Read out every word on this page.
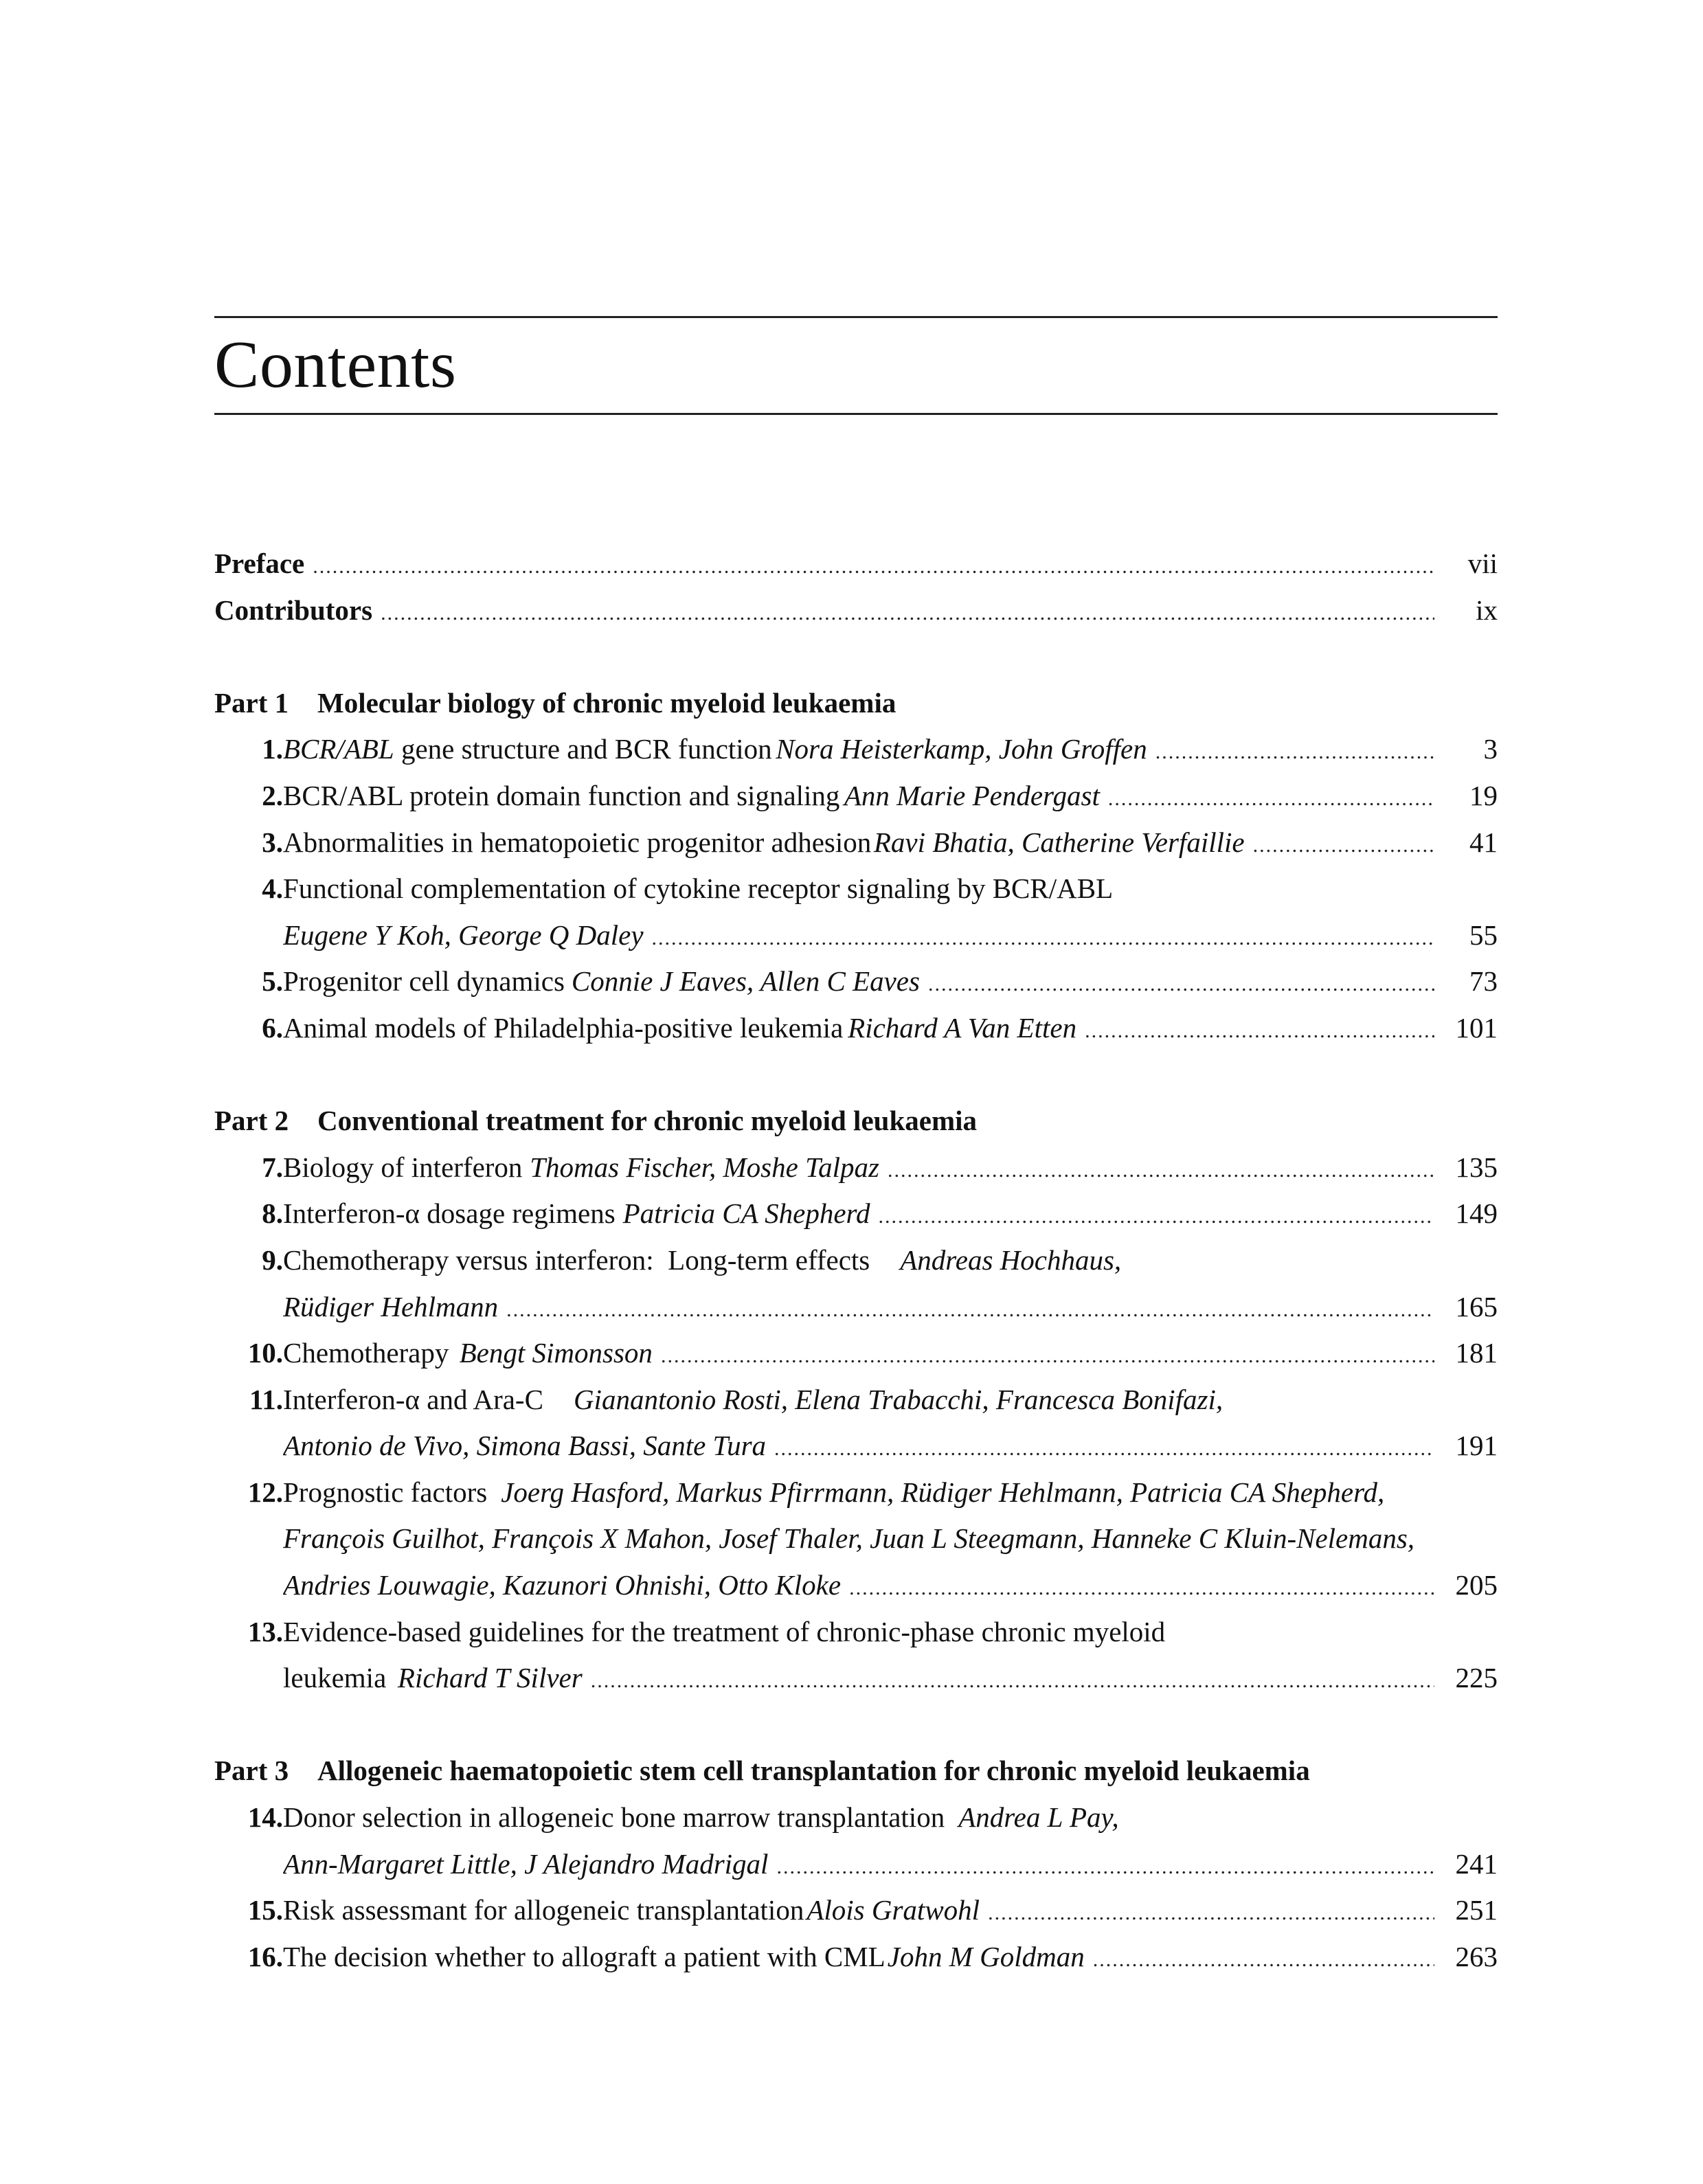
Contents
Preface .....	vii
Contributors .....	ix
Part 1	Molecular biology of chronic myeloid leukaemia
1. BCR/ABL gene structure and BCR function Nora Heisterkamp, John Groffen .....	3
2. BCR/ABL protein domain function and signaling Ann Marie Pendergast .....	19
3. Abnormalities in hematopoietic progenitor adhesion Ravi Bhatia, Catherine Verfaillie .....	41
4. Functional complementation of cytokine receptor signaling by BCR/ABL
Eugene Y Koh, George Q Daley .....	55
5. Progenitor cell dynamics Connie J Eaves, Allen C Eaves .....	73
6. Animal models of Philadelphia-positive leukemia Richard A Van Etten .....	101
Part 2	Conventional treatment for chronic myeloid leukaemia
7. Biology of interferon Thomas Fischer, Moshe Talpaz .....	135
8. Interferon-α dosage regimens Patricia CA Shepherd .....	149
9. Chemotherapy versus interferon:  Long-term effects Andreas Hochhaus,
Rüdiger Hehlmann .....	165
10. Chemotherapy Bengt Simonsson .....	181
11. Interferon-α and Ara-C Gianantonio Rosti, Elena Trabacchi, Francesca Bonifazi,
Antonio de Vivo, Simona Bassi, Sante Tura .....	191
12. Prognostic factors Joerg Hasford, Markus Pfirrmann, Rüdiger Hehlmann, Patricia CA Shepherd,
François Guilhot, François X Mahon, Josef Thaler, Juan L Steegmann, Hanneke C Kluin-Nelemans,
Andries Louwagie, Kazunori Ohnishi, Otto Kloke .....	205
13. Evidence-based guidelines for the treatment of chronic-phase chronic myeloid
leukemia Richard T Silver .....	225
Part 3	Allogeneic haematopoietic stem cell transplantation for chronic myeloid leukaemia
14. Donor selection in allogeneic bone marrow transplantation Andrea L Pay,
Ann-Margaret Little, J Alejandro Madrigal .....	241
15. Risk assessmant for allogeneic transplantation Alois Gratwohl .....	251
16. The decision whether to allograft a patient with CML John M Goldman .....	263
